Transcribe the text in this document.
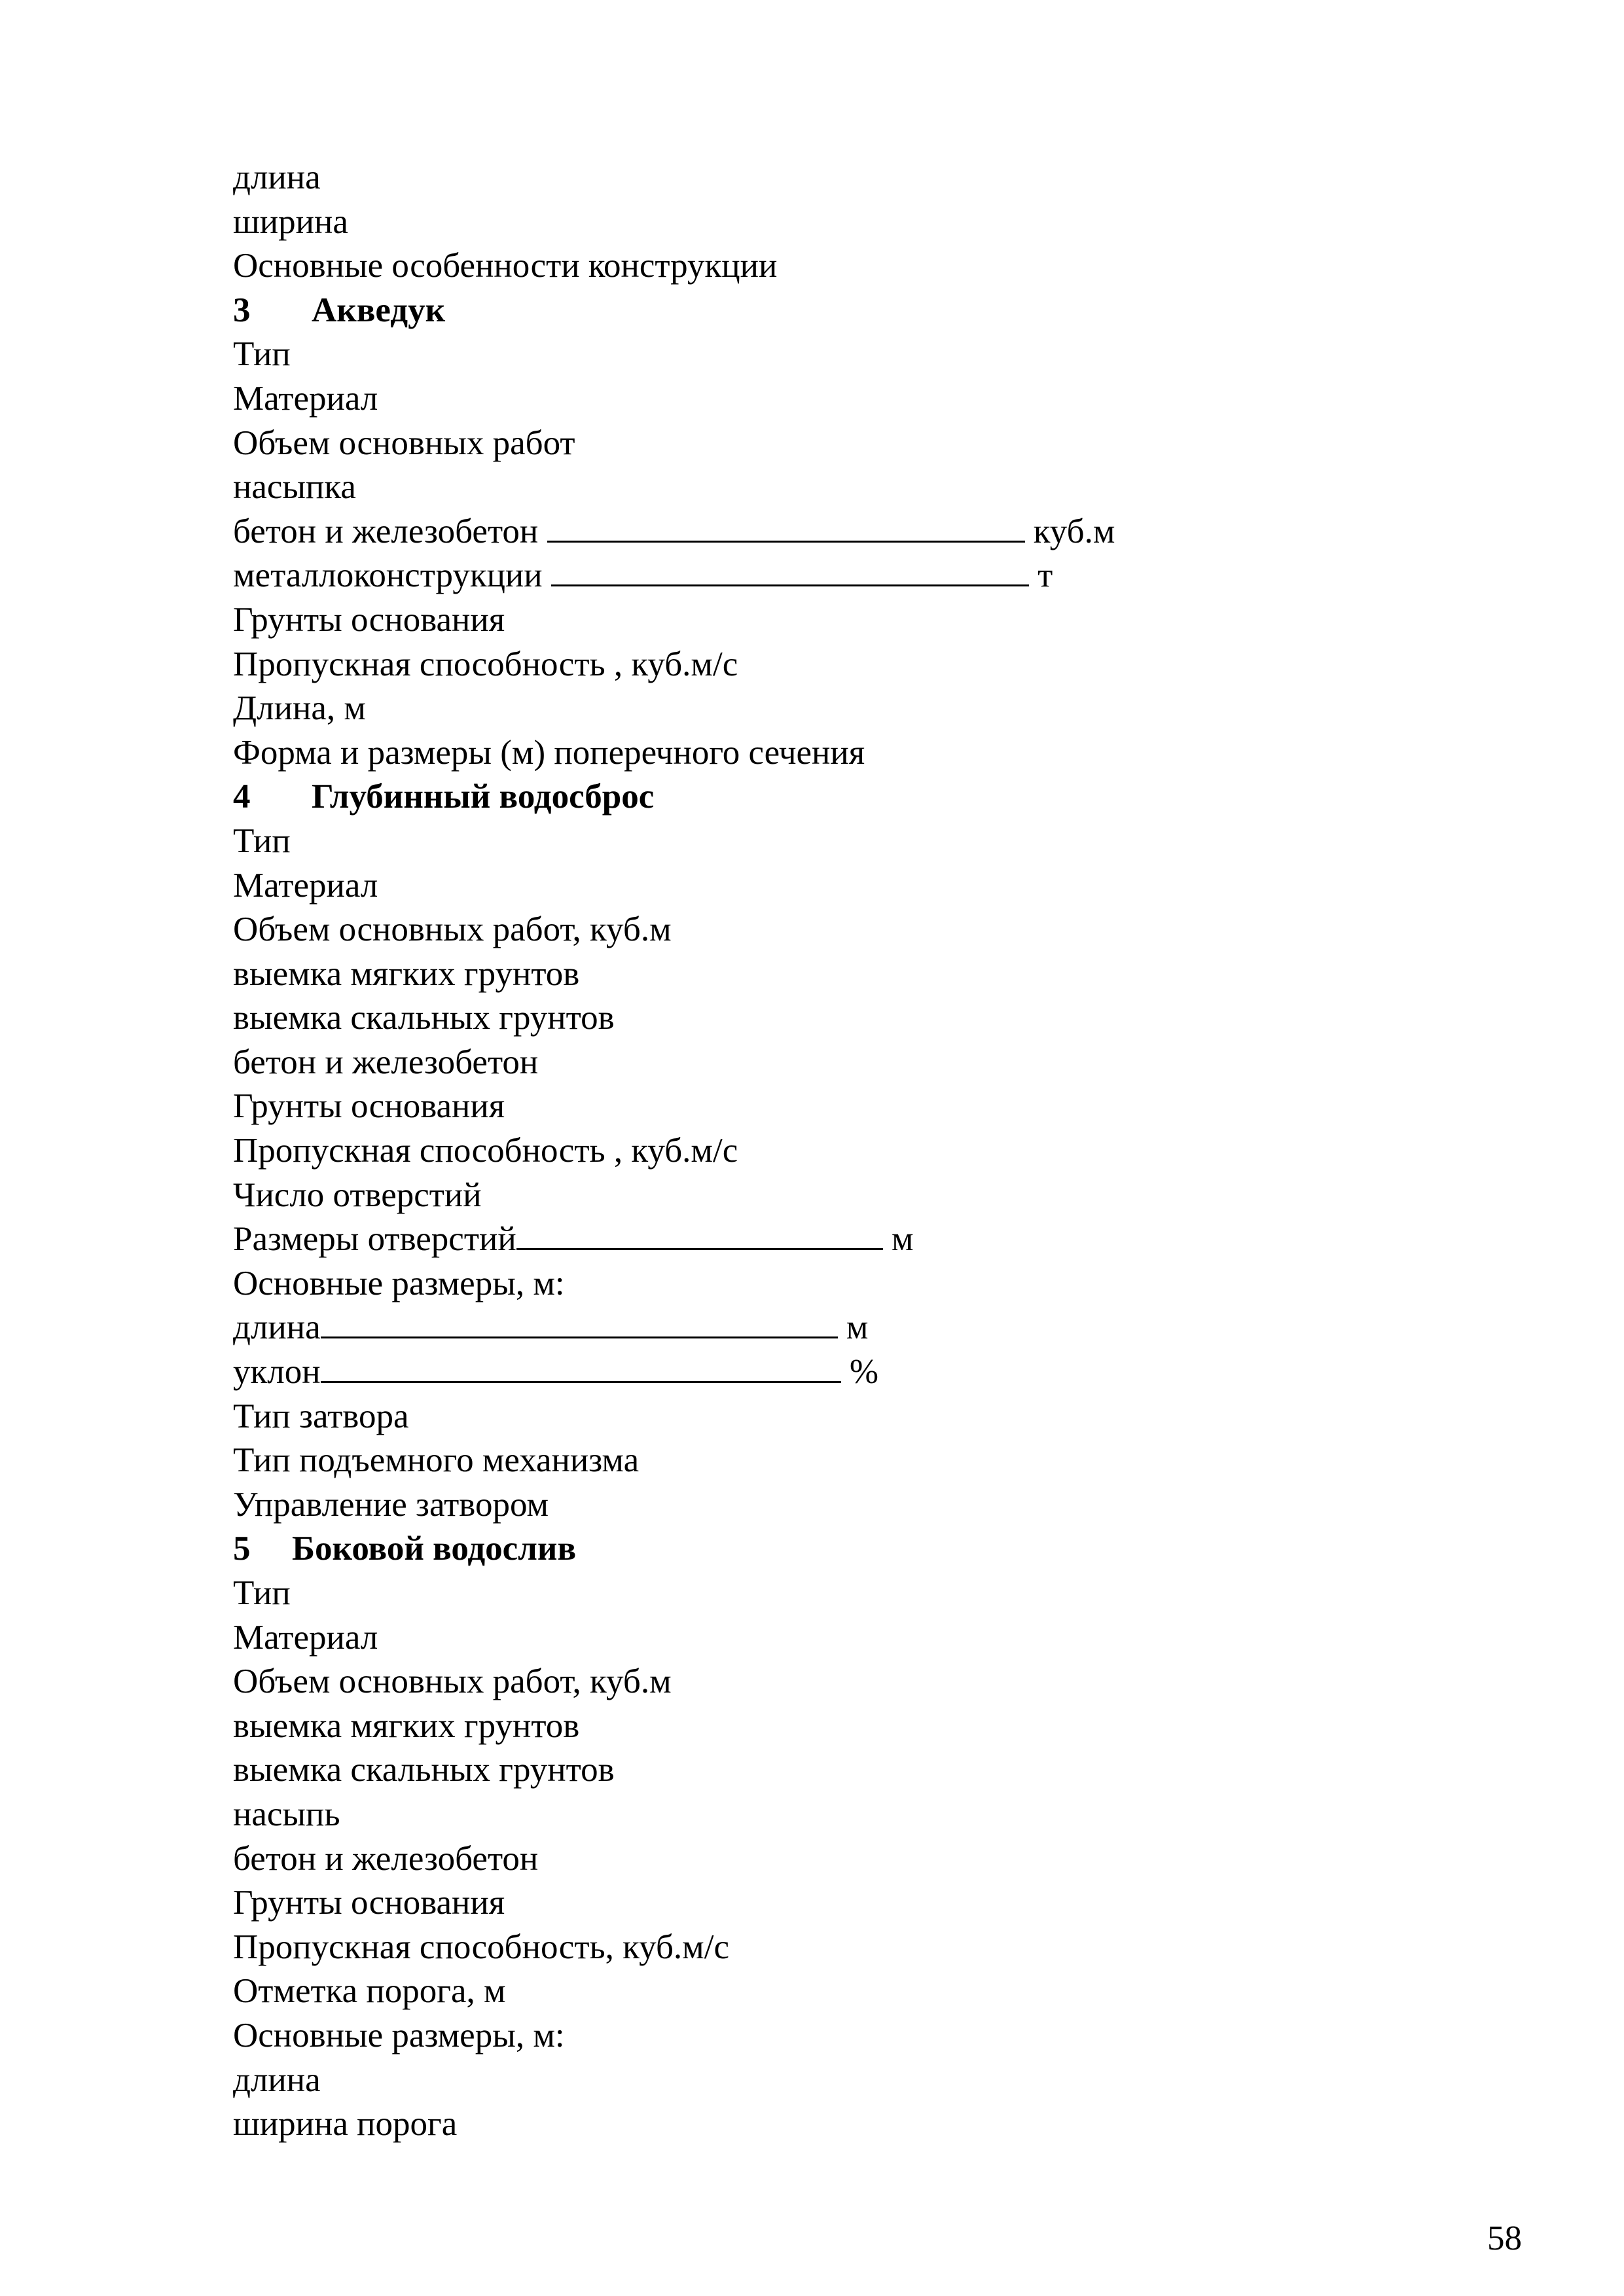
длина
ширина
Основные особенности конструкции
3 Акведук
Тип
Материал
Объем основных работ
насыпка
бетон и железобетон	куб.м
металлоконструкции	т
Грунты основания
Пропускная способность , куб.м/с
Длина, м
Форма и размеры (м) поперечного сечения
4 Глубинный водосброс
Тип
Материал
Объем основных работ, куб.м
выемка мягких грунтов
выемка скальных грунтов
бетон и железобетон
Грунты основания
Пропускная способность , куб.м/с
Число отверстий
Размеры отверстий	м
Основные размеры, м:
длина	м
уклон	%
Тип затвора
Тип подъемного механизма
Управление затвором
5 Боковой водослив
Тип
Материал
Объем основных работ, куб.м
выемка мягких грунтов
выемка скальных грунтов
насыпь
бетон и железобетон
Грунты основания
Пропускная способность, куб.м/с
Отметка порога, м
Основные размеры, м:
длина
ширина порога
58
